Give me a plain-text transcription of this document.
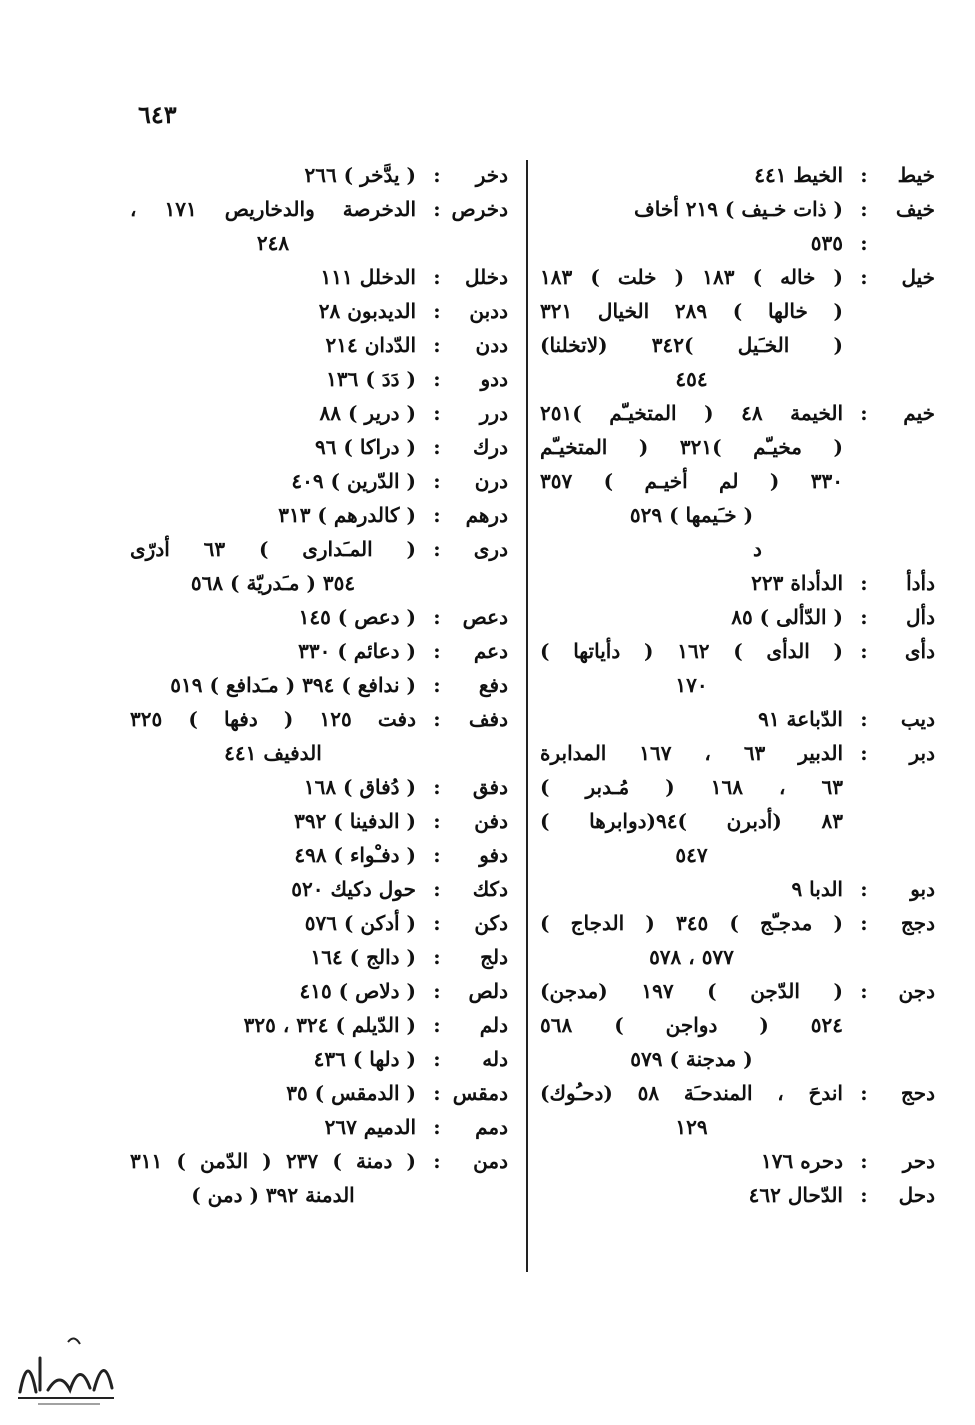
٦٤٣
خيط
:
الخيط ٤٤١
خيف
:
( ذات خـيف ) ٢١٩ أخاف
:
٥٣٥
خيل
:
( خاله ) ١٨٣ ( خلت ) ١٨٣
( خالها ) ٢٨٩ الخيال ٣٢١
( الخـَيل )٣٤٢ (لاتخلنا)
٤٥٤
خيم
:
الخيمة ٤٨ ( المتخيـّم )٢٥١
( مخيـّم )٣٢١ ( المتخيـّم
٣٣٠ ( لم أخيـم ) ٣٥٧
( خـَيمها ) ٥٢٩
د
دأدأ
:
الدأداة ٢٢٣
دأل
:
( الدّألى ) ٨٥
دأى
:
( الدأى ) ١٦٢ ( دأياتها )
١٧٠
ديب
:
الدّباعة ٩١
دبر
:
الدبير ٦٣ ، ١٦٧ المدابرة
٦٣ ، ١٦٨ ( مُـدبر )
٨٣ (أدبرن )٩٤(دوابرها )
٥٤٧
دبو
:
الدبا ٩
دجج
:
( مدجـّج ) ٣٤٥ ( الدجاج )
٥٧٧ ، ٥٧٨
دجن
:
( الدّجن ) ١٩٧ (مدجن)
٥٢٤ ( دواجن ) ٥٦٨
( مدجنة ) ٥٧٩
دحج
:
اندحَ ، المندحـَة ٥٨ (دحـُوك)
١٢٩
دحر
:
دحره ١٧٦
دحل
:
الدّحال ٤٦٢
دخر
:
( يدَّخر ) ٢٦٦
دخرص
:
الدخرصة والدخاريص ١٧١ ،
٢٤٨
دخلل
:
الدخلل ١١١
ددبن
:
الديدبون ٢٨
ددن
:
الدّدان ٢١٤
ددو
:
( دَدَ ) ١٣٦
درر
:
( درير ) ٨٨
درك
:
( دراكا ) ٩٦
درن
:
( الدّرين ) ٤٠٩
درهم
:
( كالدرهم ) ٣١٣
درى
:
( المـَدارى ) ٦٣ أدرّى
٣٥٤ ( مـَدريّة ) ٥٦٨
دعص
:
( دعص ) ١٤٥
دعم
:
( دعائم ) ٣٣٠
دفع
:
( ندافع ) ٣٩٤ ( مـَدافع ) ٥١٩
دفف
:
دفت ١٢٥ ( دفها ) ٣٢٥
الدفيف ٤٤١
دفق
:
( دُفاق ) ١٦٨
دفن
:
( الدفينا ) ٣٩٢
دفو
:
( دفـْواء ) ٤٩٨
دكك
:
حول دكيك ٥٢٠
دكن
:
( أدكن ) ٥٧٦
دلج
:
( دالج ) ١٦٤
دلص
:
( دلاص ) ٤١٥
دلم
:
( الدّيلم ) ٣٢٤ ، ٣٢٥
دله
:
( دلها ) ٤٣٦
دمقس
:
( الدمقس ) ٣٥
دمم
:
الدميم ٢٦٧
دمن
:
( دمنة ) ٢٣٧ ( الدّمن ) ٣١١
الدمنة ٣٩٢ ( دمن )
